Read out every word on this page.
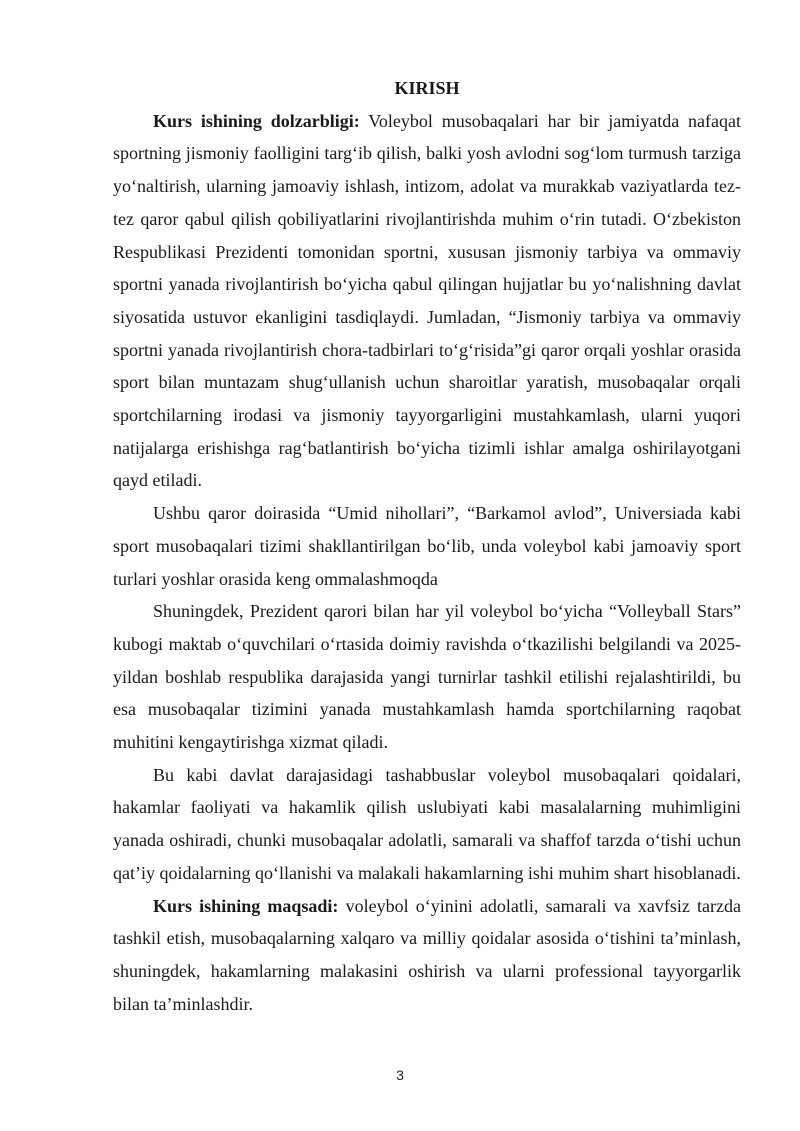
KIRISH

Kurs ishining dolzarbligi: Voleybol musobaqalari har bir jamiyatda nafaqat sportning jismoniy faolligini targ‘ib qilish, balki yosh avlodni sog‘lom turmush tarziga yo‘naltirish, ularning jamoaviy ishlash, intizom, adolat va murakkab vaziyatlarda tez-tez qaror qabul qilish qobiliyatlarini rivojlantirishda muhim o‘rin tutadi. O‘zbekiston Respublikasi Prezidenti tomonidan sportni, xususan jismoniy tarbiya va ommaviy sportni yanada rivojlantirish bo‘yicha qabul qilingan hujjatlar bu yo‘nalishning davlat siyosatida ustuvor ekanligini tasdiqlaydi. Jumladan, “Jismoniy tarbiya va ommaviy sportni yanada rivojlantirish chora-tadbirlari to‘g‘risida”gi qaror orqali yoshlar orasida sport bilan muntazam shug‘ullanish uchun sharoitlar yaratish, musobaqalar orqali sportchilarning irodasi va jismoniy tayyorgarligini mustahkamlash, ularni yuqori natijalarga erishishga rag‘batlantirish bo‘yicha tizimli ishlar amalga oshirilayotgani qayd etiladi.

Ushbu qaror doirasida “Umid nihollari”, “Barkamol avlod”, Universiada kabi sport musobaqalari tizimi shakllantirilgan bo‘lib, unda voleybol kabi jamoaviy sport turlari yoshlar orasida keng ommalashmoqda

Shuningdek, Prezident qarori bilan har yil voleybol bo‘yicha “Volleyball Stars” kubogi maktab o‘quvchilari o‘rtasida doimiy ravishda o‘tkazilishi belgilandi va 2025-yildan boshlab respublika darajasida yangi turnirlar tashkil etilishi rejalashtirildi, bu esa musobaqalar tizimini yanada mustahkamlash hamda sportchilarning raqobat muhitini kengaytirishga xizmat qiladi.

Bu kabi davlat darajasidagi tashabbuslar voleybol musobaqalari qoidalari, hakamlar faoliyati va hakamlik qilish uslubiyati kabi masalalarning muhimligini yanada oshiradi, chunki musobaqalar adolatli, samarali va shaffof tarzda o‘tishi uchun qat’iy qoidalarning qo‘llanishi va malakali hakamlarning ishi muhim shart hisoblanadi.

Kurs ishining maqsadi: voleybol o‘yinini adolatli, samarali va xavfsiz tarzda tashkil etish, musobaqalarning xalqaro va milliy qoidalar asosida o‘tishini ta’minlash, shuningdek, hakamlarning malakasini oshirish va ularni professional tayyorgarlik bilan ta’minlashdir.

3
